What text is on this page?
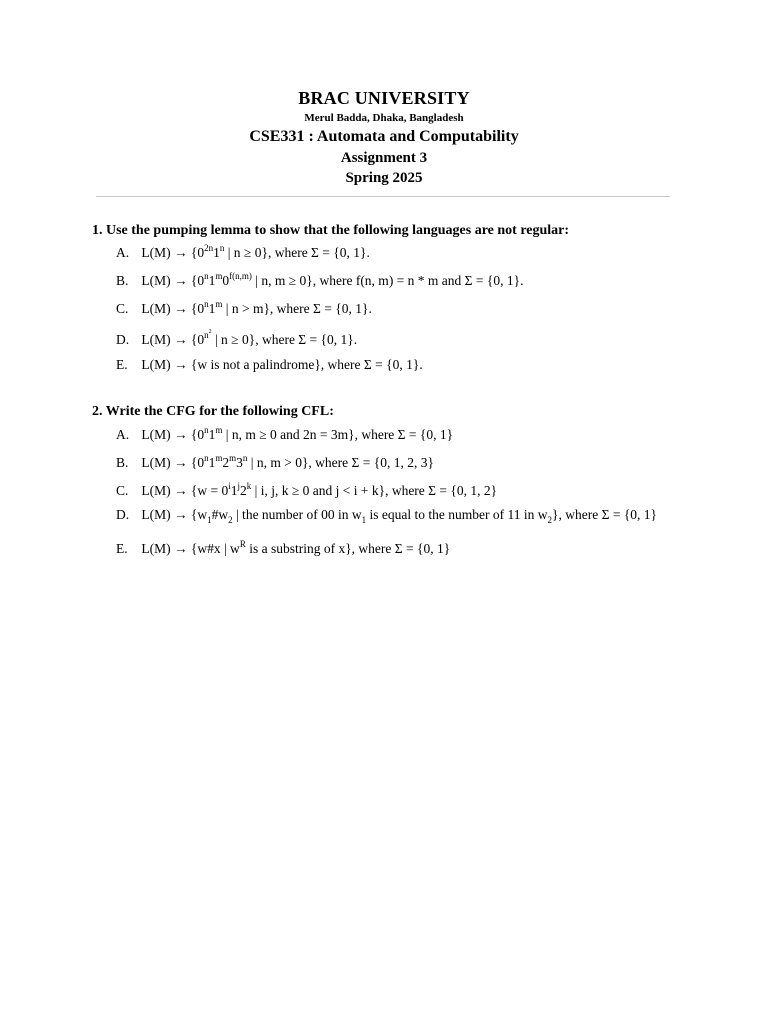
BRAC UNIVERSITY
Merul Badda, Dhaka, Bangladesh
CSE331 : Automata and Computability
Assignment 3
Spring 2025
1. Use the pumping lemma to show that the following languages are not regular:
A. $L(M) \to \{0^{2n}1^n$ | n ≥ 0}, where Σ = {0, 1}.
B. $L(M) \to \{0^n1^m0^{f(n,m)}$ | n, m ≥ 0}, where f(n, m) = n * m and Σ = {0, 1}.
C. $L(M) \to \{0^n1^m$ | n > m}, where Σ = {0, 1}.
D. $L(M) \to \{0^{n^2}$ | n ≥ 0}, where Σ = {0, 1}.
E. L(M) → {w is not a palindrome}, where Σ = {0, 1}.
2. Write the CFG for the following CFL:
A. $L(M) \to \{0^n1^m$ | n, m ≥ 0 and 2n = 3m}, where Σ = {0, 1}
B. $L(M) \to \{0^n1^m2^m3^n$ | n, m > 0}, where Σ = {0, 1, 2, 3}
C. $L(M) \to \{w = 0^i1^j2^k$ | i, j, k ≥ 0 and j < i + k}, where Σ = {0, 1, 2}
D. $L(M) \to \{w_1\#w_2$ | the number of 00 in $w_1$ is equal to the number of 11 in $w_2$}, where Σ = {0, 1}
E. L(M) → {w#x | $w^R$ is a substring of x}, where Σ = {0, 1}
